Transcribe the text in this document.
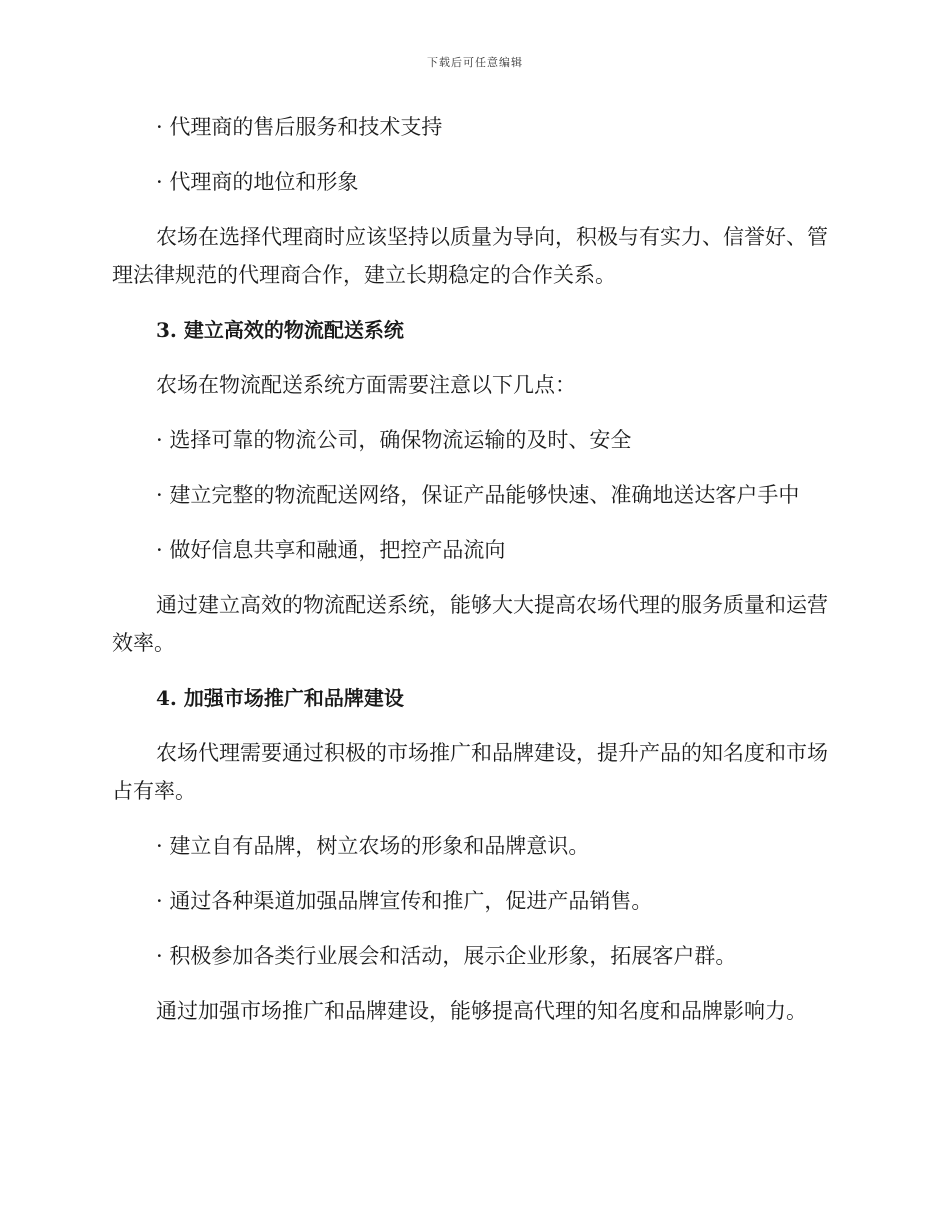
下载后可任意编辑

· 代理商的售后服务和技术支持

· 代理商的地位和形象

农场在选择代理商时应该坚持以质量为导向，积极与有实力、信誉好、管理法律规范的代理商合作，建立长期稳定的合作关系。

3. 建立高效的物流配送系统

农场在物流配送系统方面需要注意以下几点：

· 选择可靠的物流公司，确保物流运输的及时、安全

· 建立完整的物流配送网络，保证产品能够快速、准确地送达客户手中

· 做好信息共享和融通，把控产品流向

通过建立高效的物流配送系统，能够大大提高农场代理的服务质量和运营效率。

4. 加强市场推广和品牌建设

农场代理需要通过积极的市场推广和品牌建设，提升产品的知名度和市场占有率。

· 建立自有品牌，树立农场的形象和品牌意识。

· 通过各种渠道加强品牌宣传和推广，促进产品销售。

· 积极参加各类行业展会和活动，展示企业形象，拓展客户群。

通过加强市场推广和品牌建设，能够提高代理的知名度和品牌影响力。
